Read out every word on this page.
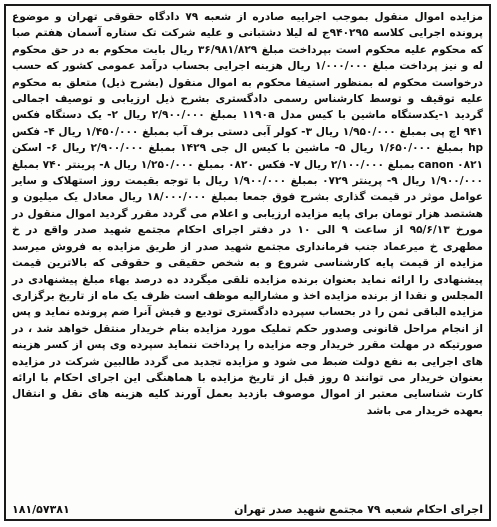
مزایده اموال منقول بموجب اجراییه صادره از شعبه ۷۹ دادگاه حقوقی تهران و موضوع پرونده اجرایی کلاسه ۹۴۰۲۹۵ج له لیلا دشتبانی و علیه شرکت تک ستاره آسمان هفتم صبا که محکوم علیه محکوم است بپرداخت مبلغ ۳۶/۹۸۱/۸۲۹ ریال بابت محکوم به در حق محکوم له و نیز پرداخت مبلغ ۱/۰۰۰/۰۰۰ ریال هزینه اجرایی بحساب درآمد عمومی کشور که حسب درخواست محکوم له بمنظور استیفا محکوم به اموال منقول (بشرح ذیل) متعلق به محکوم علیه توقیف و توسط کارشناس رسمی دادگستری بشرح ذیل ارزیابی و توصیف اجمالی گردید ۱-یکدستگاه ماشین با کیس مدل ۱۱۹۰a بمبلغ ۲/۹۰۰/۰۰۰ ریال ۲- یک دستگاه فکس ۹۴۱ اچ پی بمبلغ ۱/۹۵۰/۰۰۰ ریال ۳- کولر آبی دستی برف آب بمبلغ ۱/۴۵۰/۰۰۰ ریال ۴- فکس hp بمبلغ ۱/۶۵۰/۰۰۰ ریال ۵- ماشین با کیس ال جی ۱۴۲۹ بمبلغ ۲/۹۰۰/۰۰۰ ریال ۶- اسکن canon ۰۸۲۱ بمبلغ ۲/۱۰۰/۰۰۰ ریال ۷- فکس ۰۸۲۰ بمبلغ ۱/۲۵۰/۰۰۰ ریال ۸- پرینتر ۷۴۰ بمبلغ ۱/۹۰۰/۰۰۰ ریال ۹- پرینتر ۰۷۲۹ بمبلغ ۱/۹۰۰/۰۰۰ ریال با توجه بقیمت روز استهلاک و سایر عوامل موثر در قیمت گذاری بشرح فوق جمعا بمبلغ ۱۸/۰۰۰/۰۰۰ ریال معادل یک میلیون و هشتصد هزار تومان برای پایه مزایده ارزیابی و اعلام می گردد مقرر گردید اموال منقول در مورخ ۹۵/۶/۱۳ از ساعت ۹ الی ۱۰ در دفتر اجرای احکام مجتمع شهید صدر واقع در خ مطهری خ میرعماد جنب فرمانداری مجتمع شهید صدر از طریق مزایده به فروش میرسد مزایده از قیمت پایه کارشناسی شروع و به شخص حقیقی و حقوقی که بالاترین قیمت پیشنهادی را ارائه نماید بعنوان برنده مزایده تلقی میگردد ده درصد بهاء مبلغ پیشنهادی در المجلس و نقدا از برنده مزایده اخذ و مشارالیه موظف است ظرف یک ماه از تاریخ برگزاری مزایده الباقی ثمن را در بحساب سپرده دادگستری تودیع و فیش آنرا ضم پرونده نماید و پس از انجام مراحل قانونی وصدور حکم تملیک مورد مزایده بنام خریدار منتقل خواهد شد ، در صورتیکه در مهلت مقرر خریدار وجه مزایده را پرداخت ننماید سپرده وی پس از کسر هزینه های اجرایی به نفع دولت ضبط می شود و مزایده تجدید می گردد طالبین شرکت در مزایده بعنوان خریدار می توانند ۵ روز قبل از تاریخ مزایده با هماهنگی این اجرای احکام با ارائه کارت شناسایی معتبر از اموال موصوف بازدید بعمل آورند کلیه هزینه های نقل و انتقال بعهده خریدار می باشد

اجرای احکام شعبه ۷۹ مجتمع شهید صدر تهران
۱۸۱/۵۷۳۸۱
